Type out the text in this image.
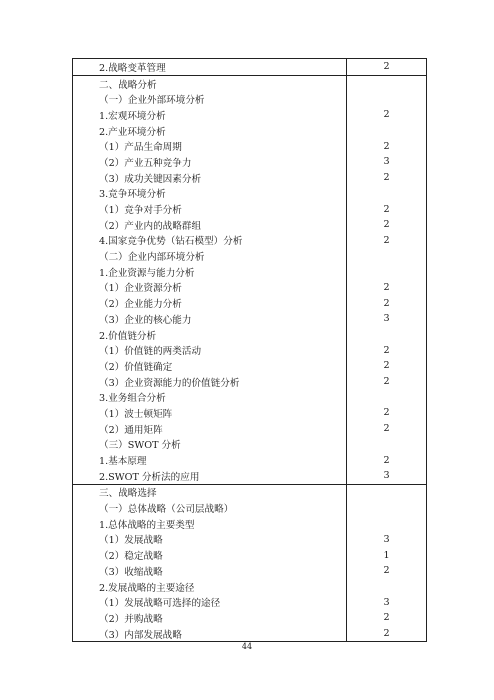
2.战略变革管理	2
二、战略分析
（一）企业外部环境分析
1.宏观环境分析	2
2.产业环境分析
（1）产品生命周期	2
（2）产业五种竞争力	3
（3）成功关键因素分析	2
3.竞争环境分析
（1）竞争对手分析	2
（2）产业内的战略群组	2
4.国家竞争优势（钻石模型）分析	2
（二）企业内部环境分析
1.企业资源与能力分析
（1）企业资源分析	2
（2）企业能力分析	2
（3）企业的核心能力	3
2.价值链分析
（1）价值链的两类活动	2
（2）价值链确定	2
（3）企业资源能力的价值链分析	2
3.业务组合分析
（1）波士顿矩阵	2
（2）通用矩阵	2
（三）SWOT 分析
1.基本原理	2
2.SWOT 分析法的应用	3
三、战略选择
（一）总体战略（公司层战略）
1.总体战略的主要类型
（1）发展战略	3
（2）稳定战略	1
（3）收缩战略	2
2.发展战略的主要途径
（1）发展战略可选择的途径	3
（2）并购战略	2
（3）内部发展战略	2
44
